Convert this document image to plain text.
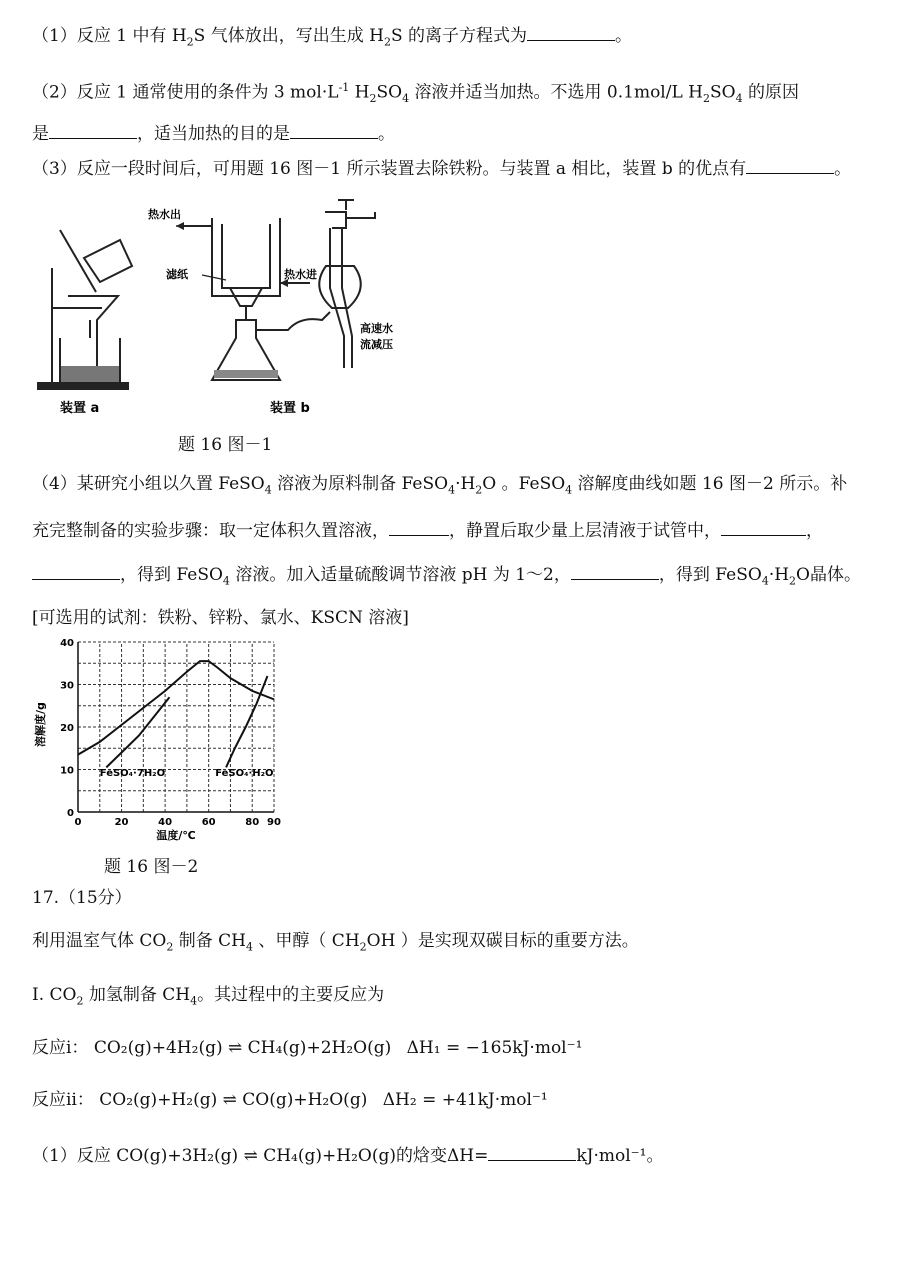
（1）反应 1 中有 $H_2S$ 气体放出，写出生成 $H_2S$ 的离子方程式为	。
（2）反应 1 通常使用的条件为 3 $mol\cdot L^{-1}$ $H_2SO_4$ 溶液并适当加热。不选用 0.1mol/L $H_2SO_4$ 的原因
是	，适当加热的目的是	。
（3）反应一段时间后，可用题 16 图－1 所示装置去除铁粉。与装置 a 相比，装置 b 的优点有	。
热水出
滤纸	热水进
高速水
流减压
装置 a	装置 b
题 16 图－1
（4）某研究小组以久置 FeSO$_4$ 溶液为原料制备 $FeSO_4\cdot H_2O$ 。FeSO$_4$ 溶解度曲线如题 16 图－2 所示。补
充完整制备的实验步骤：取一定体积久置溶液，	，静置后取少量上层清液于试管中，	，
，得到 FeSO$_4$ 溶液。加入适量硫酸调节溶液 pH 为 1～2，	，得到 $FeSO_4\cdot H_2O$晶体。
[可选用的试剂：铁粉、锌粉、氯水、KSCN 溶液]
0	20	40	60	80 90
0
10
20
30
40
FeSO₄·7H₂O	FeSO₄·H₂O
溶解度/g
温度/℃
题 16 图－2
17.（15分）
利用温室气体 $CO_2$ 制备 $CH_4$ 、甲醇（ $CH_2OH$ ）是实现双碳目标的重要方法。
Ⅰ. $CO_2$ 加氢制备 $CH_4$。其过程中的主要反应为
反应ⅰ： CO₂(g)+4H₂(g) ⇌ CH₄(g)+2H₂O(g) ΔH₁ = −165kJ·mol⁻¹
反应ⅱ： CO₂(g)+H₂(g) ⇌ CO(g)+H₂O(g) ΔH₂ = +41kJ·mol⁻¹
（1）反应 CO(g)+3H₂(g) ⇌ CH₄(g)+H₂O(g)的焓变ΔH=	kJ·mol⁻¹。
